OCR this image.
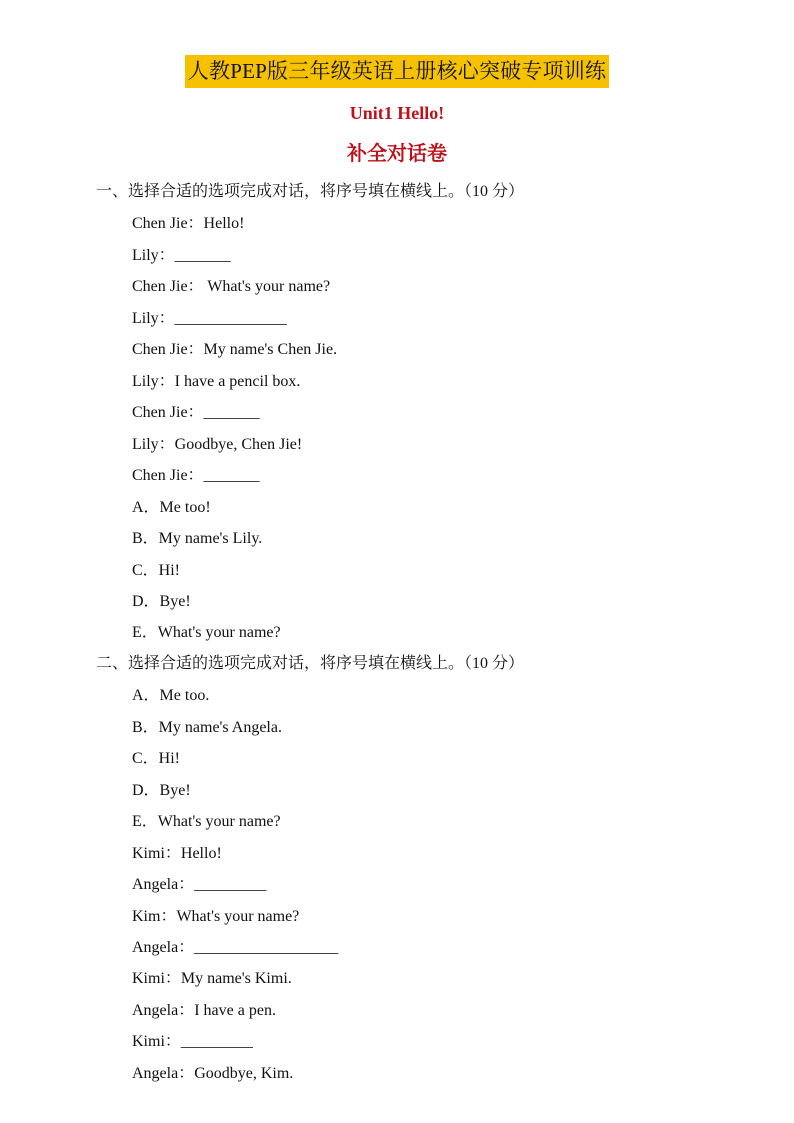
人教PEP版三年级英语上册核心突破专项训练
Unit1 Hello!
补全对话卷
一、选择合适的选项完成对话，将序号填在横线上。（10 分）
Chen Jie：Hello!
Lily：_______
Chen Jie： What's your name?
Lily：______________
Chen Jie：My name's Chen Jie.
Lily：I have a pencil box.
Chen Jie：_______
Lily：Goodbye, Chen Jie!
Chen Jie：_______
A．Me too!
B．My name's Lily.
C．Hi!
D．Bye!
E．What's your name?
二、选择合适的选项完成对话，将序号填在横线上。（10 分）
A．Me too.
B．My name's Angela.
C．Hi!
D．Bye!
E．What's your name?
Kimi：Hello!
Angela：_________
Kim：What's your name?
Angela：__________________
Kimi：My name's Kimi.
Angela：I have a pen.
Kimi：_________
Angela：Goodbye, Kim.
